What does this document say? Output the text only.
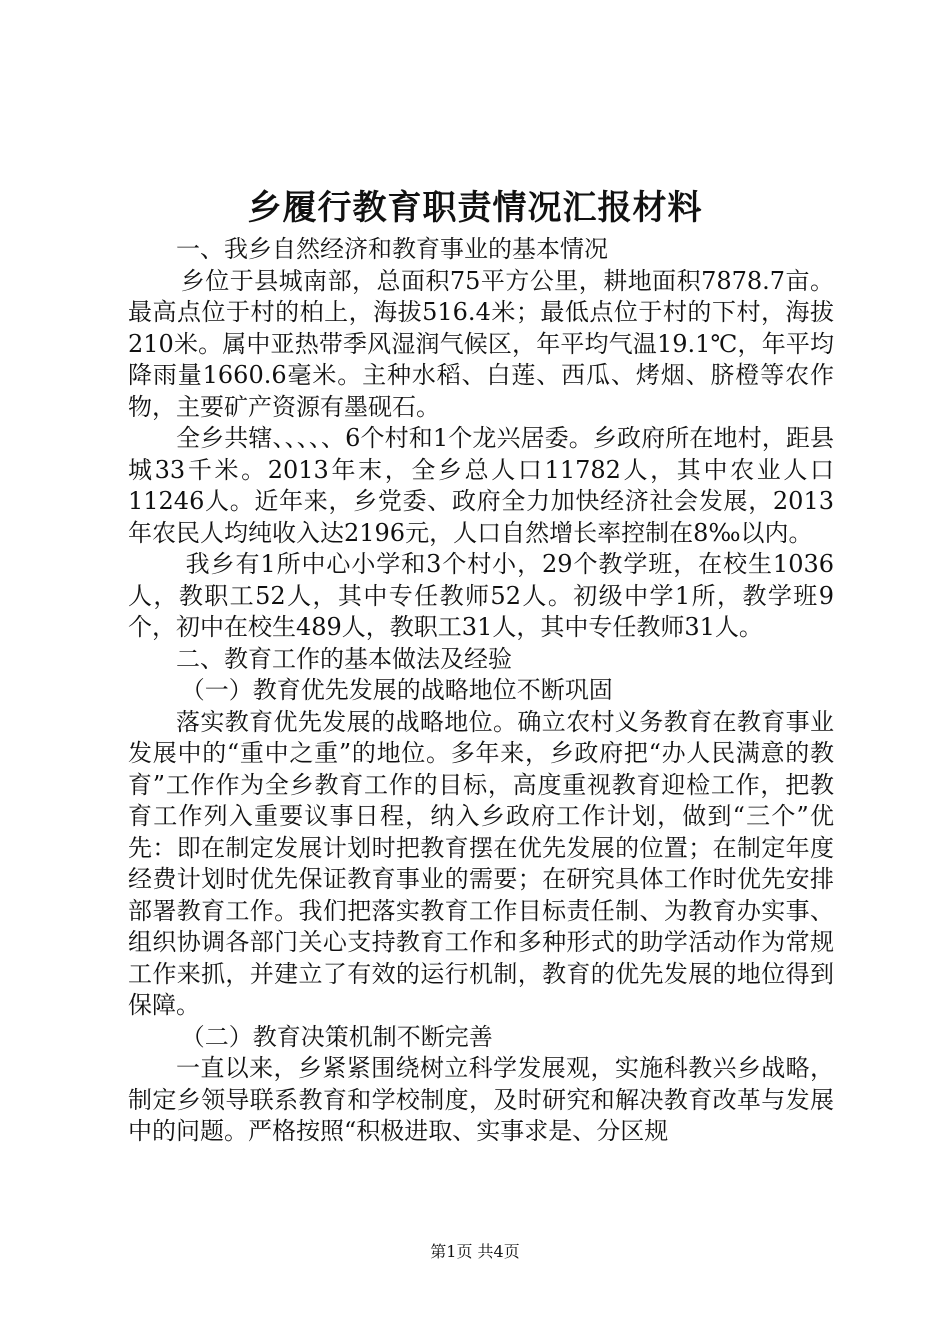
乡履行教育职责情况汇报材料

一、我乡自然经济和教育事业的基本情况

乡位于县城南部，总面积75平方公里，耕地面积7878.7亩。最高点位于村的柏上，海拔516.4米；最低点位于村的下村，海拔210米。属中亚热带季风湿润气候区，年平均气温19.1℃，年平均降雨量1660.6毫米。主种水稻、白莲、西瓜、烤烟、脐橙等农作物，主要矿产资源有墨砚石。

全乡共辖、、、、、6个村和1个龙兴居委。乡政府所在地村，距县城33千米。2013年末，全乡总人口11782人，其中农业人口11246人。近年来，乡党委、政府全力加快经济社会发展，2013年农民人均纯收入达2196元，人口自然增长率控制在8‰以内。

我乡有1所中心小学和3个村小，29个教学班，在校生1036人，教职工52人，其中专任教师52人。初级中学1所，教学班9个，初中在校生489人，教职工31人，其中专任教师31人。

二、教育工作的基本做法及经验

（一）教育优先发展的战略地位不断巩固

落实教育优先发展的战略地位。确立农村义务教育在教育事业发展中的“重中之重”的地位。多年来，乡政府把“办人民满意的教育”工作作为全乡教育工作的目标，高度重视教育迎检工作，把教育工作列入重要议事日程，纳入乡政府工作计划，做到“三个”优先：即在制定发展计划时把教育摆在优先发展的位置；在制定年度经费计划时优先保证教育事业的需要；在研究具体工作时优先安排部署教育工作。我们把落实教育工作目标责任制、为教育办实事、组织协调各部门关心支持教育工作和多种形式的助学活动作为常规工作来抓，并建立了有效的运行机制，教育的优先发展的地位得到保障。

（二）教育决策机制不断完善

一直以来，乡紧紧围绕树立科学发展观，实施科教兴乡战略，制定乡领导联系教育和学校制度，及时研究和解决教育改革与发展中的问题。严格按照“积极进取、实事求是、分区规

第1页 共4页
